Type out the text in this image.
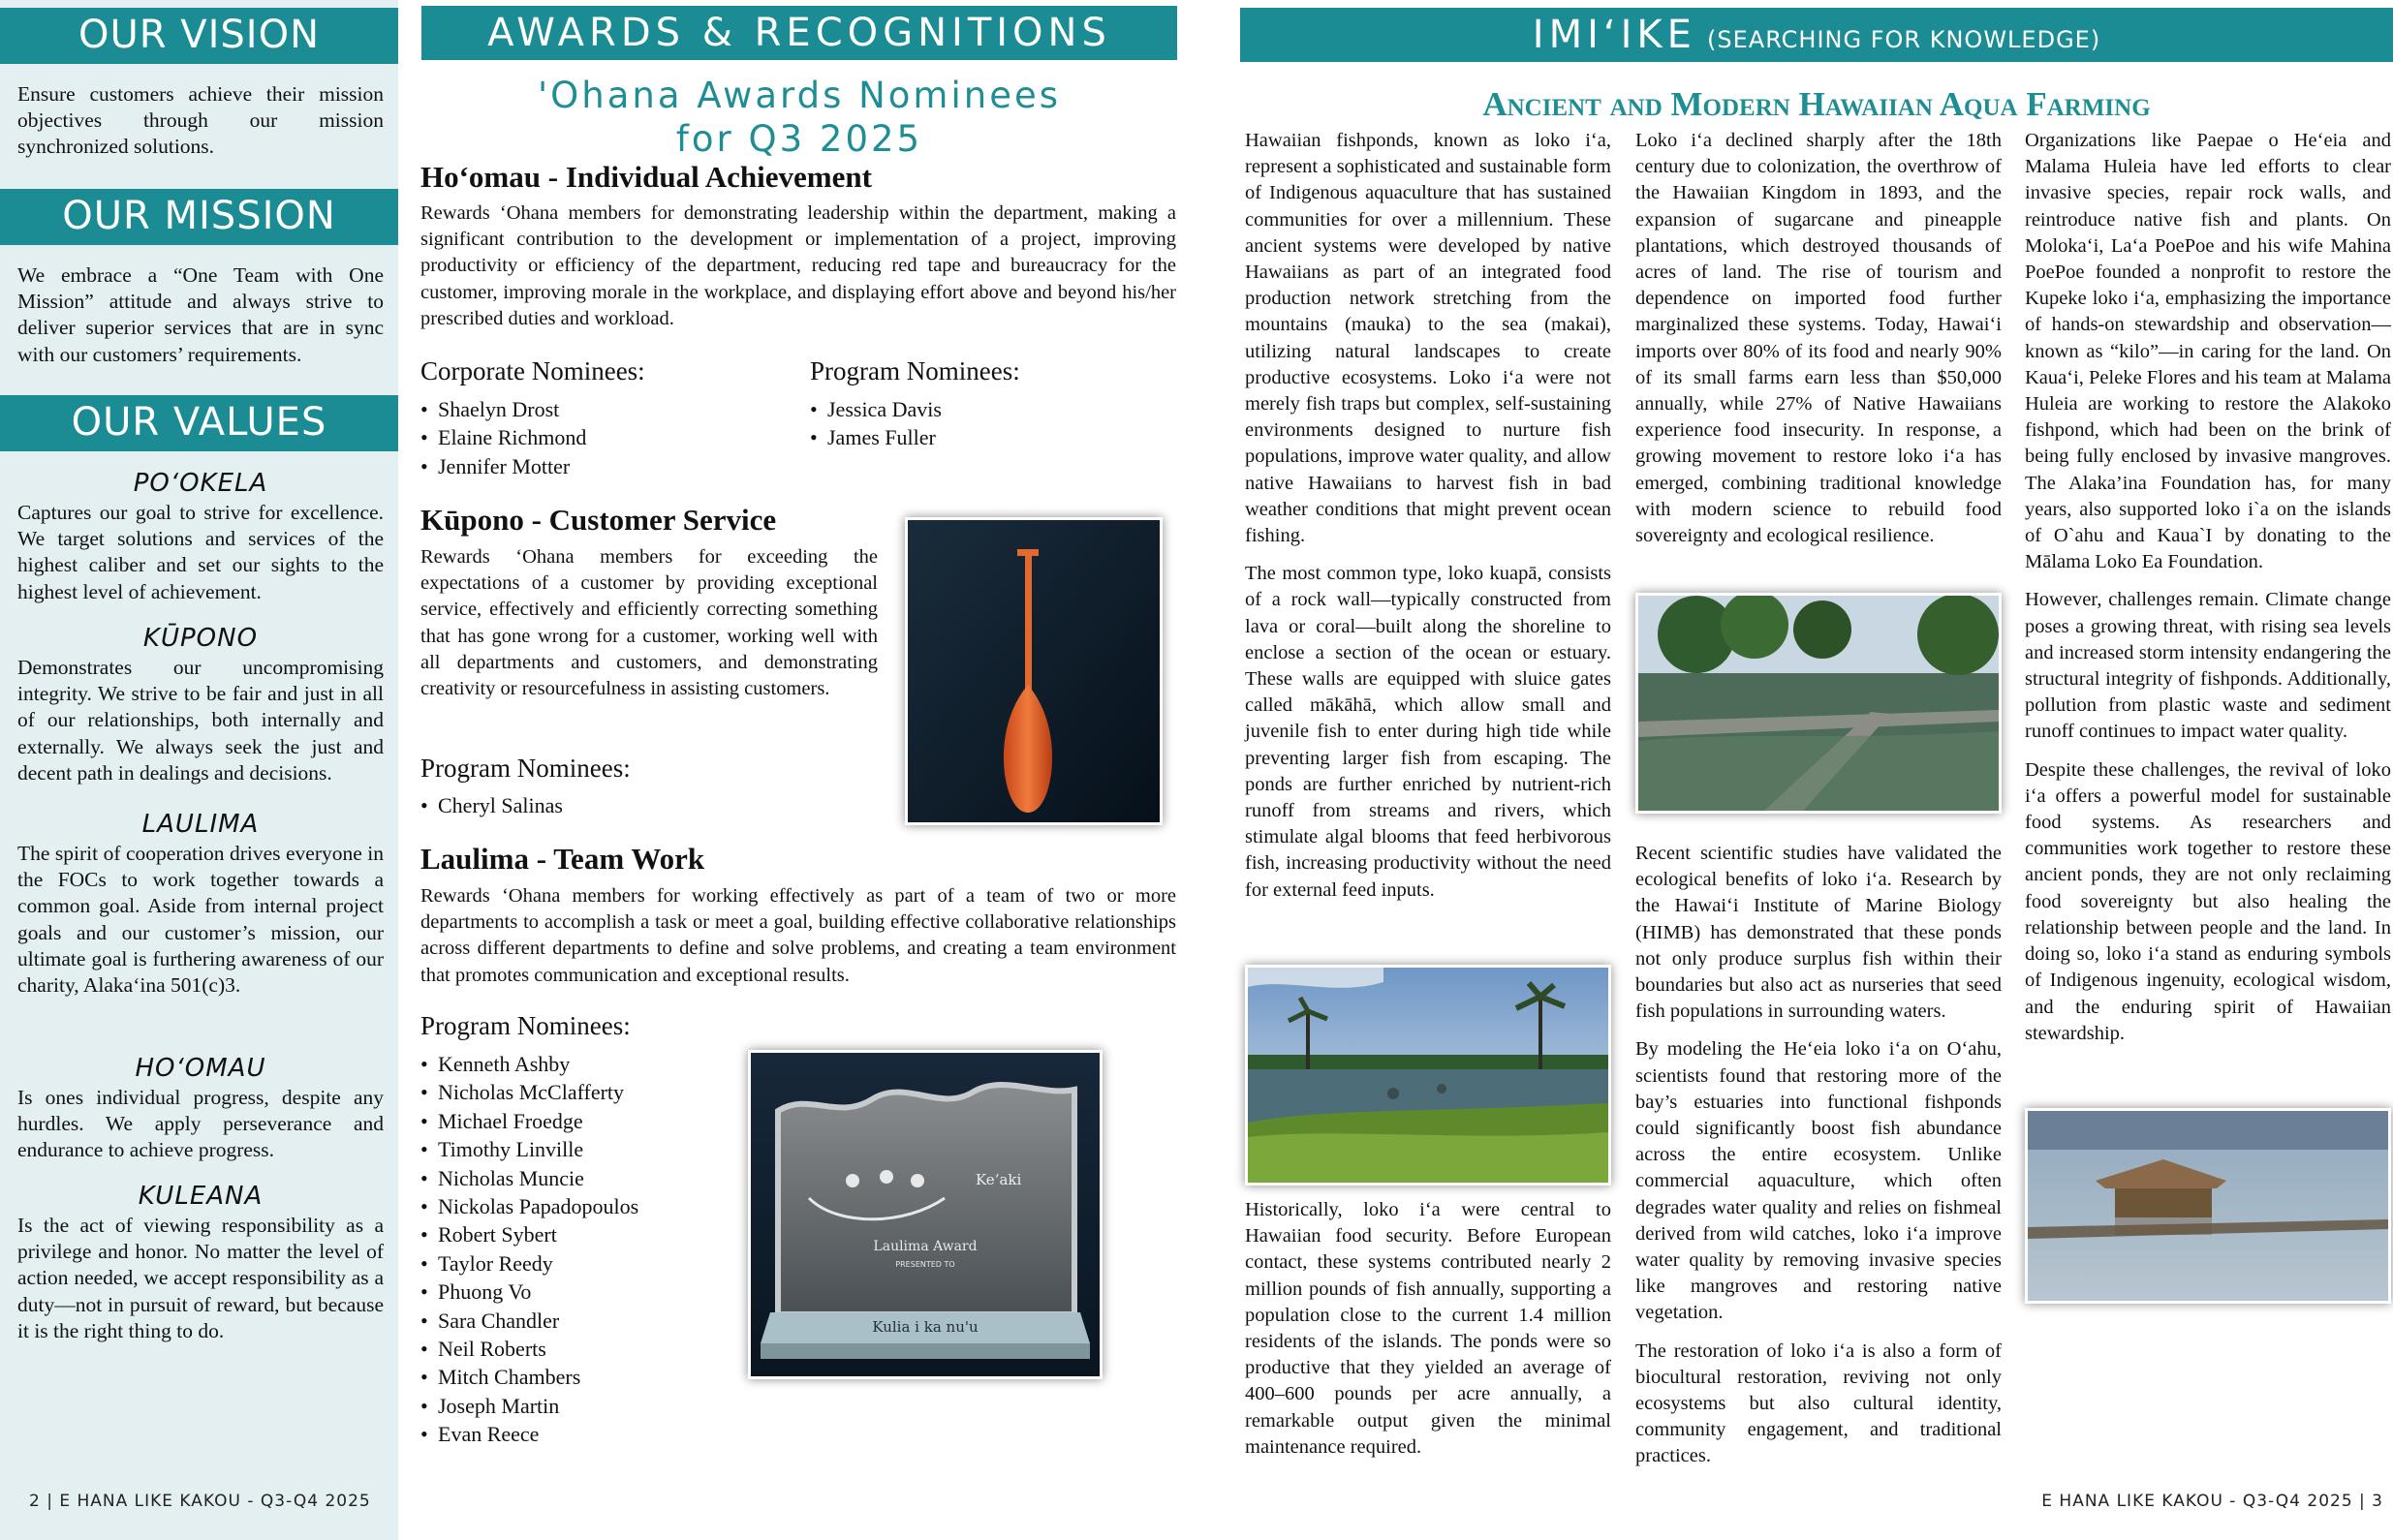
OUR VISION

Ensure customers achieve their mission objectives through our mission synchronized solutions.

OUR MISSION

We embrace a “One Team with One Mission” attitude and always strive to deliver superior services that are in sync with our customers’ requirements.

OUR VALUES

PO‘OKELA

Captures our goal to strive for excellence. We target solutions and services of the highest caliber and set our sights to the highest level of achievement.

KŪPONO

Demonstrates our uncompromising integrity. We strive to be fair and just in all of our relationships, both internally and externally. We always seek the just and decent path in dealings and decisions.

LAULIMA

The spirit of cooperation drives everyone in the FOCs to work together towards a common goal. Aside from internal project goals and our customer’s mission, our ultimate goal is furthering awareness of our charity, Alaka‘ina 501(c)3.

HO‘OMAU

Is ones individual progress, despite any hurdles. We apply perseverance and endurance to achieve progress.

KULEANA

Is the act of viewing responsibility as a privilege and honor. No matter the level of action needed, we accept responsibility as a duty—not in pursuit of reward, but because it is the right thing to do.

2 | E HANA LIKE KAKOU - Q3-Q4 2025
AWARDS & RECOGNITIONS
'Ohana Awards Nominees
for Q3 2025

Ho‘omau - Individual Achievement

Rewards ‘Ohana members for demonstrating leadership within the department, making a significant contribution to the development or implementation of a project, improving productivity or efficiency of the department, reducing red tape and bureaucracy for the customer, improving morale in the workplace, and displaying effort above and beyond his/her prescribed duties and workload.

Corporate Nominees:

• Shaelyn Drost
• Elaine Richmond
• Jennifer Motter

Program Nominees:

• Jessica Davis
• James Fuller

Kūpono - Customer Service

Rewards ‘Ohana members for exceeding the expectations of a customer by providing exceptional service, effectively and efficiently correcting something that has gone wrong for a customer, working well with all departments and customers, and demonstrating creativity or resourcefulness in assisting customers.

Program Nominees:

• Cheryl Salinas

Laulima - Team Work

Rewards ‘Ohana members for working effectively as part of a team of two or more departments to accomplish a task or meet a goal, building effective collaborative relationships across different departments to define and solve problems, and creating a team environment that promotes communication and exceptional results.

Program Nominees:

• Kenneth Ashby
• Nicholas McClafferty
• Michael Froedge
• Timothy Linville
• Nicholas Muncie
• Nickolas Papadopoulos
• Robert Sybert
• Taylor Reedy
• Phuong Vo
• Sara Chandler
• Neil Roberts
• Mitch Chambers
• Joseph Martin
• Evan Reece
Ke‘aki
Laulima Award
PRESENTED TO
Kulia i ka nu'u
IMI‘IKE (SEARCHING FOR KNOWLEDGE)
Ancient and Modern Hawaiian Aqua Farming

Hawaiian fishponds, known as loko i‘a, represent a sophisticated and sustainable form of Indigenous aquaculture that has sustained communities for over a millennium. These ancient systems were developed by native Hawaiians as part of an integrated food production network stretching from the mountains (mauka) to the sea (makai), utilizing natural landscapes to create productive ecosystems. Loko i‘a were not merely fish traps but complex, self-sustaining environments designed to nurture fish populations, improve water quality, and allow native Hawaiians to harvest fish in bad weather conditions that might prevent ocean fishing.

The most common type, loko kuapā, consists of a rock wall—typically constructed from lava or coral—built along the shoreline to enclose a section of the ocean or estuary. These walls are equipped with sluice gates called mākāhā, which allow small and juvenile fish to enter during high tide while preventing larger fish from escaping. The ponds are further enriched by nutrient-rich runoff from streams and rivers, which stimulate algal blooms that feed herbivorous fish, increasing productivity without the need for external feed inputs.

Historically, loko i‘a were central to Hawaiian food security. Before European contact, these systems contributed nearly 2 million pounds of fish annually, supporting a population close to the current 1.4 million residents of the islands. The ponds were so productive that they yielded an average of 400–600 pounds per acre annually, a remarkable output given the minimal maintenance required.

Loko i‘a declined sharply after the 18th century due to colonization, the overthrow of the Hawaiian Kingdom in 1893, and the expansion of sugarcane and pineapple plantations, which destroyed thousands of acres of land. The rise of tourism and dependence on imported food further marginalized these systems. Today, Hawai‘i imports over 80% of its food and nearly 90% of its small farms earn less than $50,000 annually, while 27% of Native Hawaiians experience food insecurity. In response, a growing movement to restore loko i‘a has emerged, combining traditional knowledge with modern science to rebuild food sovereignty and ecological resilience.

Recent scientific studies have validated the ecological benefits of loko i‘a. Research by the Hawai‘i Institute of Marine Biology (HIMB) has demonstrated that these ponds not only produce surplus fish within their boundaries but also act as nurseries that seed fish populations in surrounding waters.

By modeling the He‘eia loko i‘a on O‘ahu, scientists found that restoring more of the bay’s estuaries into functional fishponds could significantly boost fish abundance across the entire ecosystem. Unlike commercial aquaculture, which often degrades water quality and relies on fishmeal derived from wild catches, loko i‘a improve water quality by removing invasive species like mangroves and restoring native vegetation.

The restoration of loko i‘a is also a form of biocultural restoration, reviving not only ecosystems but also cultural identity, community engagement, and traditional practices.

Organizations like Paepae o He‘eia and Malama Huleia have led efforts to clear invasive species, repair rock walls, and reintroduce native fish and plants. On Moloka‘i, La‘a PoePoe and his wife Mahina PoePoe founded a nonprofit to restore the Kupeke loko i‘a, emphasizing the importance of hands-on stewardship and observation—known as “kilo”—in caring for the land. On Kaua‘i, Peleke Flores and his team at Malama Huleia are working to restore the Alakoko fishpond, which had been on the brink of being fully enclosed by invasive mangroves. The Alaka’ina Foundation has, for many years, also supported loko i`a on the islands of O`ahu and Kaua`I by donating to the Mālama Loko Ea Foundation.

However, challenges remain. Climate change poses a growing threat, with rising sea levels and increased storm intensity endangering the structural integrity of fishponds. Additionally, pollution from plastic waste and sediment runoff continues to impact water quality.

Despite these challenges, the revival of loko i‘a offers a powerful model for sustainable food systems. As researchers and communities work together to restore these ancient ponds, they are not only reclaiming food sovereignty but also healing the relationship between people and the land. In doing so, loko i‘a stand as enduring symbols of Indigenous ingenuity, ecological wisdom, and the enduring spirit of Hawaiian stewardship.

E HANA LIKE KAKOU - Q3-Q4 2025 | 3
